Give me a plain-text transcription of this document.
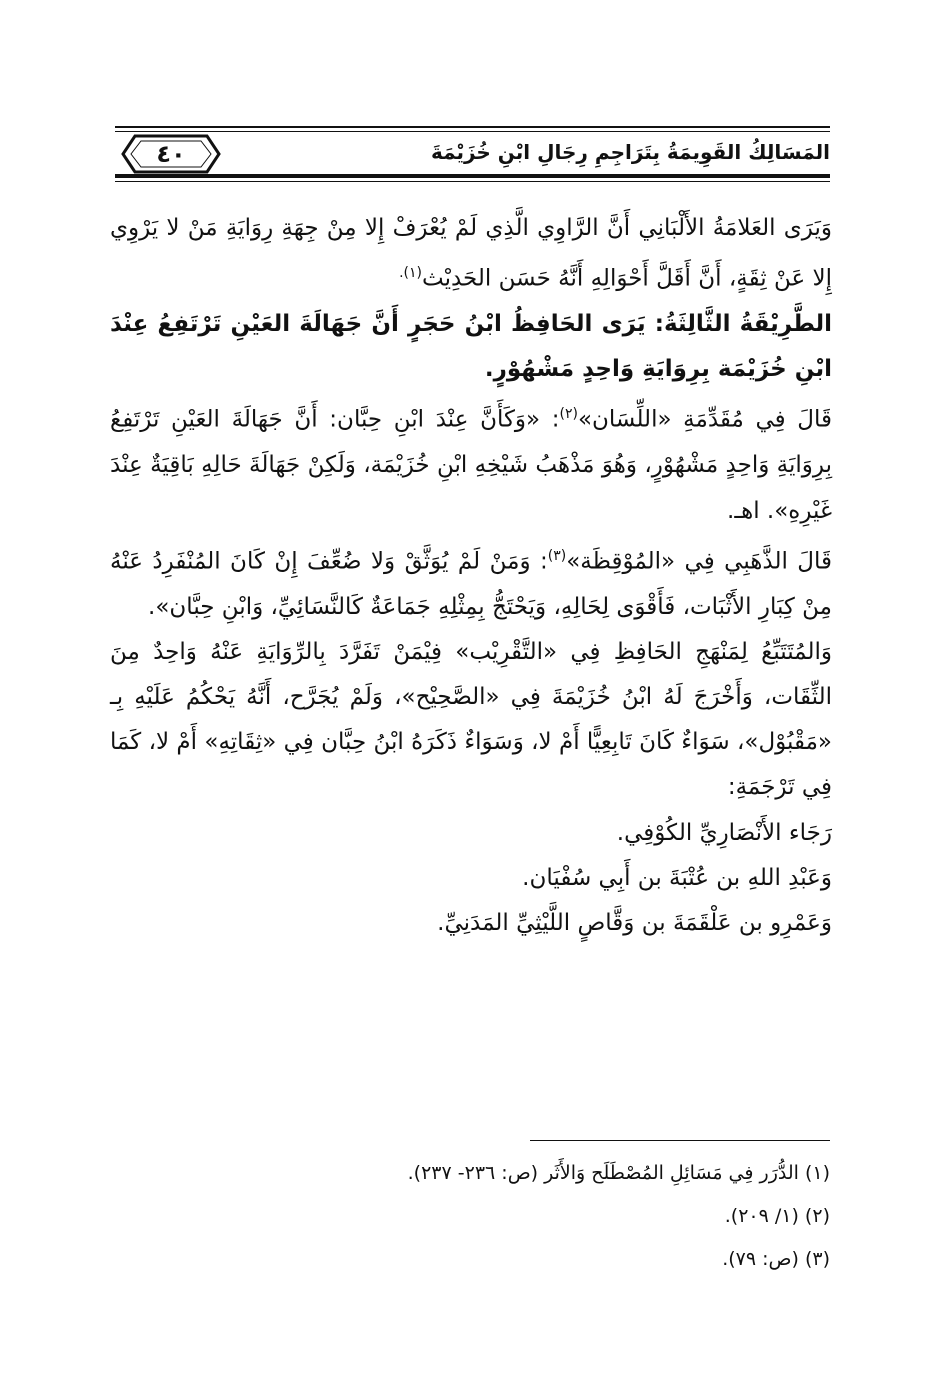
٤٠	المَسَالِكُ القَوِيمَةُ بِتَرَاجِمِ رِجَالِ ابْنِ خُزَيْمَةَ

وَيَرَى العَلامَةُ الأَلْبَانِي أَنَّ الرَّاوِي الَّذِي لَمْ يُعْرَفْ إِلا مِنْ جِهَةِ رِوَايَةِ مَنْ لا يَرْوِي إِلا عَنْ ثِقَةٍ، أَنَّ أَقَلَّ أَحْوَالِهِ أَنَّهُ حَسَن الحَدِيْث$^{(١).}$

الطَّرِيْقَةُ الثَّالِثَةُ: يَرَى الحَافِظُ ابْنُ حَجَرٍ أَنَّ جَهَالَةَ العَيْنِ تَرْتَفِعُ عِنْدَ ابْنِ خُزَيْمَة بِرِوَايَةِ وَاحِدٍ مَشْهُوْرٍ.

قَالَ فِي مُقَدِّمَةِ «اللِّسَان»$^{(٢)}$: «وَكَأَنَّ عِنْدَ ابْنِ حِبَّان: أَنَّ جَهَالَةَ العَيْنِ تَرْتَفِعُ بِرِوَايَةِ وَاحِدٍ مَشْهُوْرٍ، وَهُوَ مَذْهَبُ شَيْخِهِ ابْنِ خُزَيْمَة، وَلَكِنْ جَهَالَةَ حَالِهِ بَاقِيَةٌ عِنْدَ غَيْرِهِ». اهـ.

قَالَ الذَّهَبِي فِي «المُوْقِظَة»$^{(٣)}$: وَمَنْ لَمْ يُوَثَّقْ وَلا ضُعِّفَ إِنْ كَانَ المُنْفَرِدُ عَنْهُ مِنْ كِبَارِ الأَثْبَات، فَأَقْوَى لِحَالِهِ، وَيَحْتَجُّ بِمِثْلِهِ جَمَاعَةٌ كَالنَّسَائِيِّ، وَابْنِ حِبَّان».

وَالمُتَتَبِّعُ لِمَنْهَجِ الحَافِظِ فِي «التَّقْرِيْب» فِيْمَنْ تَفَرَّدَ بِالرِّوَايَةِ عَنْهُ وَاحِدٌ مِنَ الثِّقَات، وَأَخْرَجَ لَهُ ابْنُ خُزَيْمَةَ فِي «الصَّحِيْح»، وَلَمْ يُجَرَّح، أَنَّهُ يَحْكُمُ عَلَيْهِ بِـ «مَقْبُوْل»، سَوَاءٌ كَانَ تَابِعِيًّا أَمْ لا، وَسَوَاءٌ ذَكَرَهُ ابْنُ حِبَّان فِي «ثِقَاتِهِ» أَمْ لا، كَمَا فِي تَرْجَمَةِ:

رَجَاء الأَنْصَارِيِّ الكُوْفِي.

وَعَبْدِ اللهِ بن عُتْبَةَ بن أَبِي سُفْيَان.

وَعَمْرِو بن عَلْقَمَةَ بن وَقَّاصٍ اللَّيْثِيِّ المَدَنِيِّ.

(١) الدُّرَر فِي مَسَائِلِ المُصْطَلَح وَالأَثَر (ص: ٢٣٦- ٢٣٧).

(٢) (١/ ٢٠٩).

(٣) (ص: ٧٩).
